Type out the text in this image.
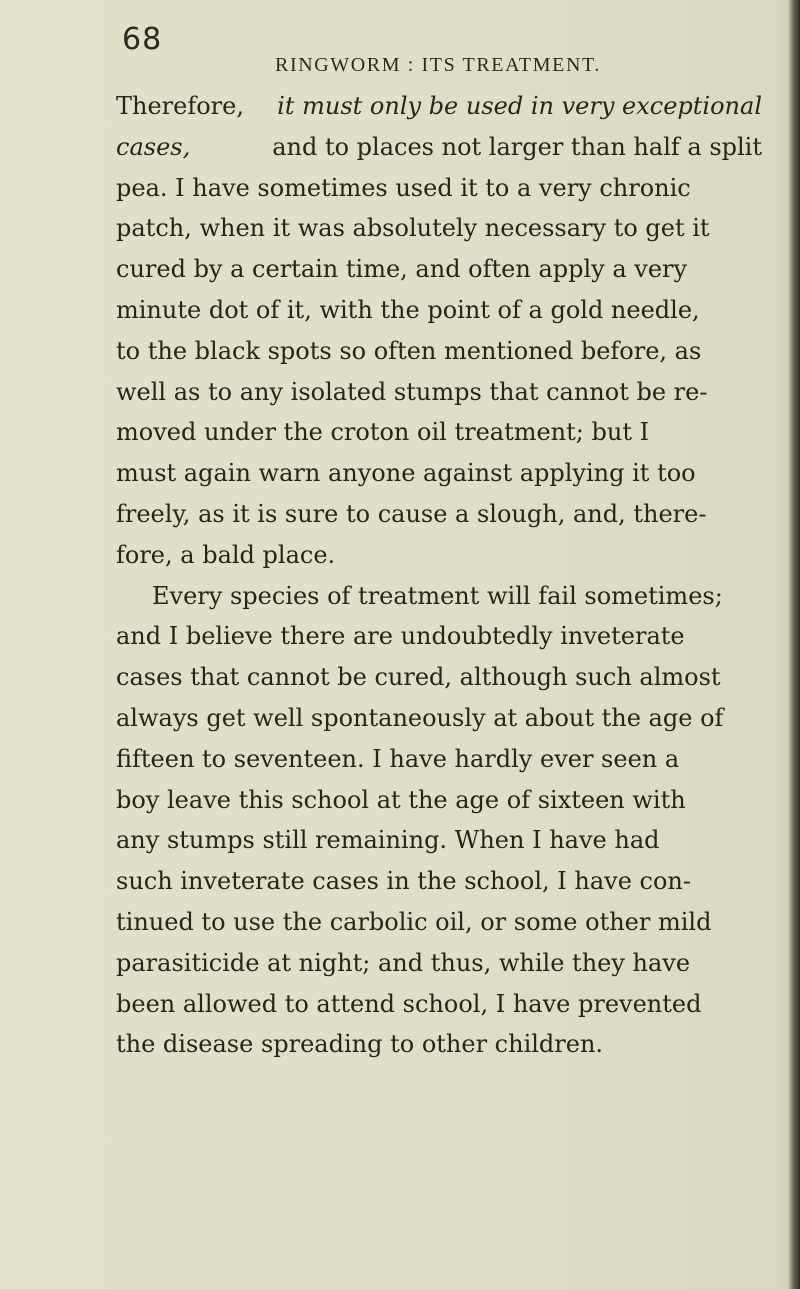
68
RINGWORM : ITS TREATMENT.
Therefore, it must only be used in very exceptional
cases,	and to places not larger than half a split
pea. I have sometimes used it to a very chronic
patch, when it was absolutely necessary to get it
cured by a certain time, and often apply a very
minute dot of it, with the point of a gold needle,
to the black spots so often mentioned before, as
well as to any isolated stumps that cannot be re-
moved under the croton oil treatment; but I
must again warn anyone against applying it too
freely, as it is sure to cause a slough, and, there-
fore, a bald place.
Every species of treatment will fail sometimes;
and I believe there are undoubtedly inveterate
cases that cannot be cured, although such almost
always get well spontaneously at about the age of
fifteen to seventeen. I have hardly ever seen a
boy leave this school at the age of sixteen with
any stumps still remaining. When I have had
such inveterate cases in the school, I have con-
tinued to use the carbolic oil, or some other mild
parasiticide at night; and thus, while they have
been allowed to attend school, I have prevented
the disease spreading to other children.
